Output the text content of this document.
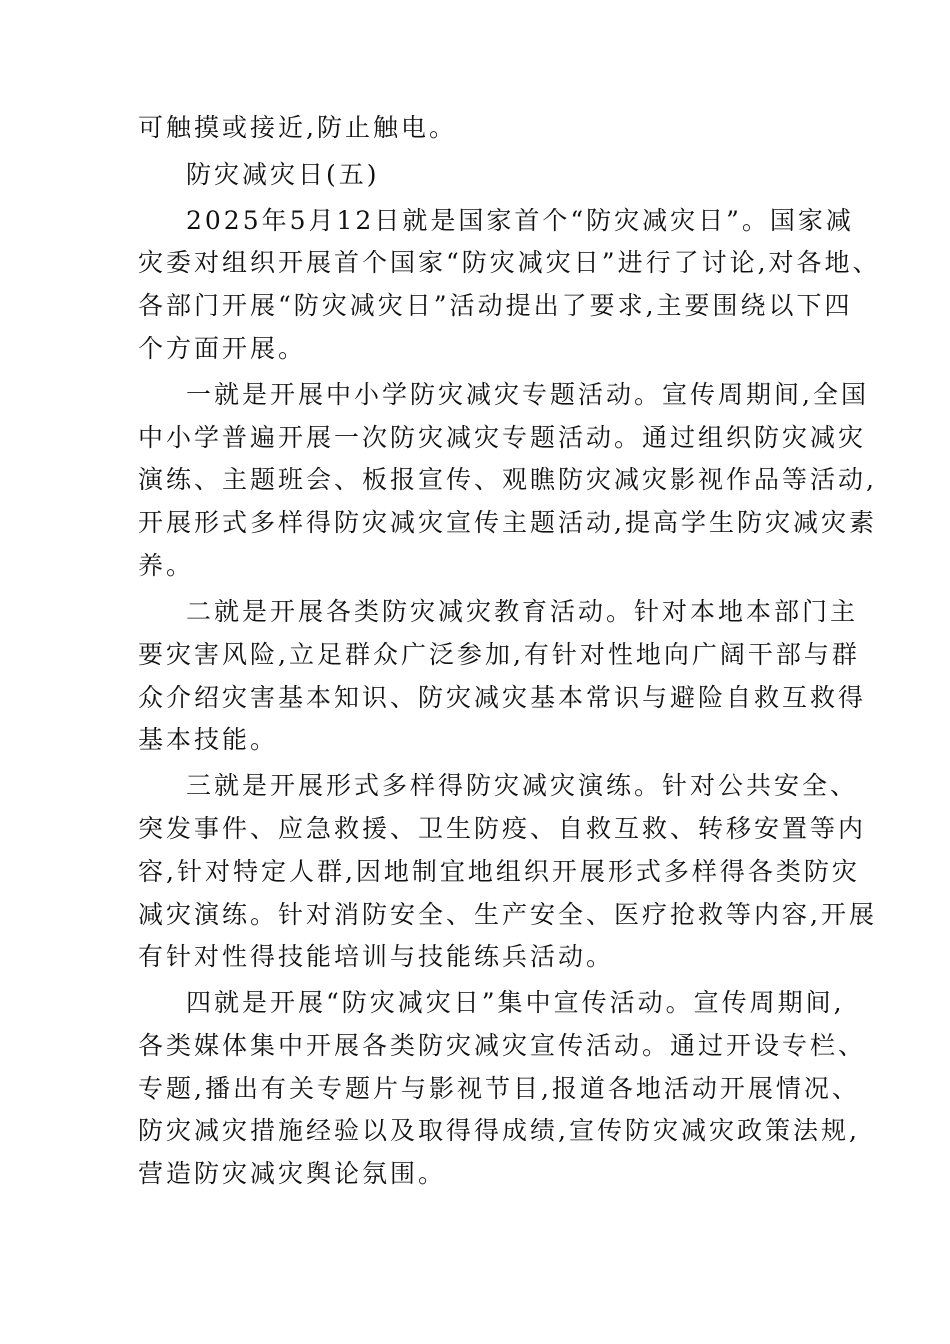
可触摸或接近,防止触电。
防灾减灾日(五)
2025年5月12日就是国家首个“防灾减灾日”。国家减
灾委对组织开展首个国家“防灾减灾日”进行了讨论,对各地、
各部门开展“防灾减灾日”活动提出了要求,主要围绕以下四
个方面开展。
一就是开展中小学防灾减灾专题活动。宣传周期间,全国
中小学普遍开展一次防灾减灾专题活动。通过组织防灾减灾
演练、主题班会、板报宣传、观瞧防灾减灾影视作品等活动,
开展形式多样得防灾减灾宣传主题活动,提高学生防灾减灾素
养。
二就是开展各类防灾减灾教育活动。针对本地本部门主
要灾害风险,立足群众广泛参加,有针对性地向广阔干部与群
众介绍灾害基本知识、防灾减灾基本常识与避险自救互救得
基本技能。
三就是开展形式多样得防灾减灾演练。针对公共安全、
突发事件、应急救援、卫生防疫、自救互救、转移安置等内
容,针对特定人群,因地制宜地组织开展形式多样得各类防灾
减灾演练。针对消防安全、生产安全、医疗抢救等内容,开展
有针对性得技能培训与技能练兵活动。
四就是开展“防灾减灾日”集中宣传活动。宣传周期间,
各类媒体集中开展各类防灾减灾宣传活动。通过开设专栏、
专题,播出有关专题片与影视节目,报道各地活动开展情况、
防灾减灾措施经验以及取得得成绩,宣传防灾减灾政策法规,
营造防灾减灾舆论氛围。
